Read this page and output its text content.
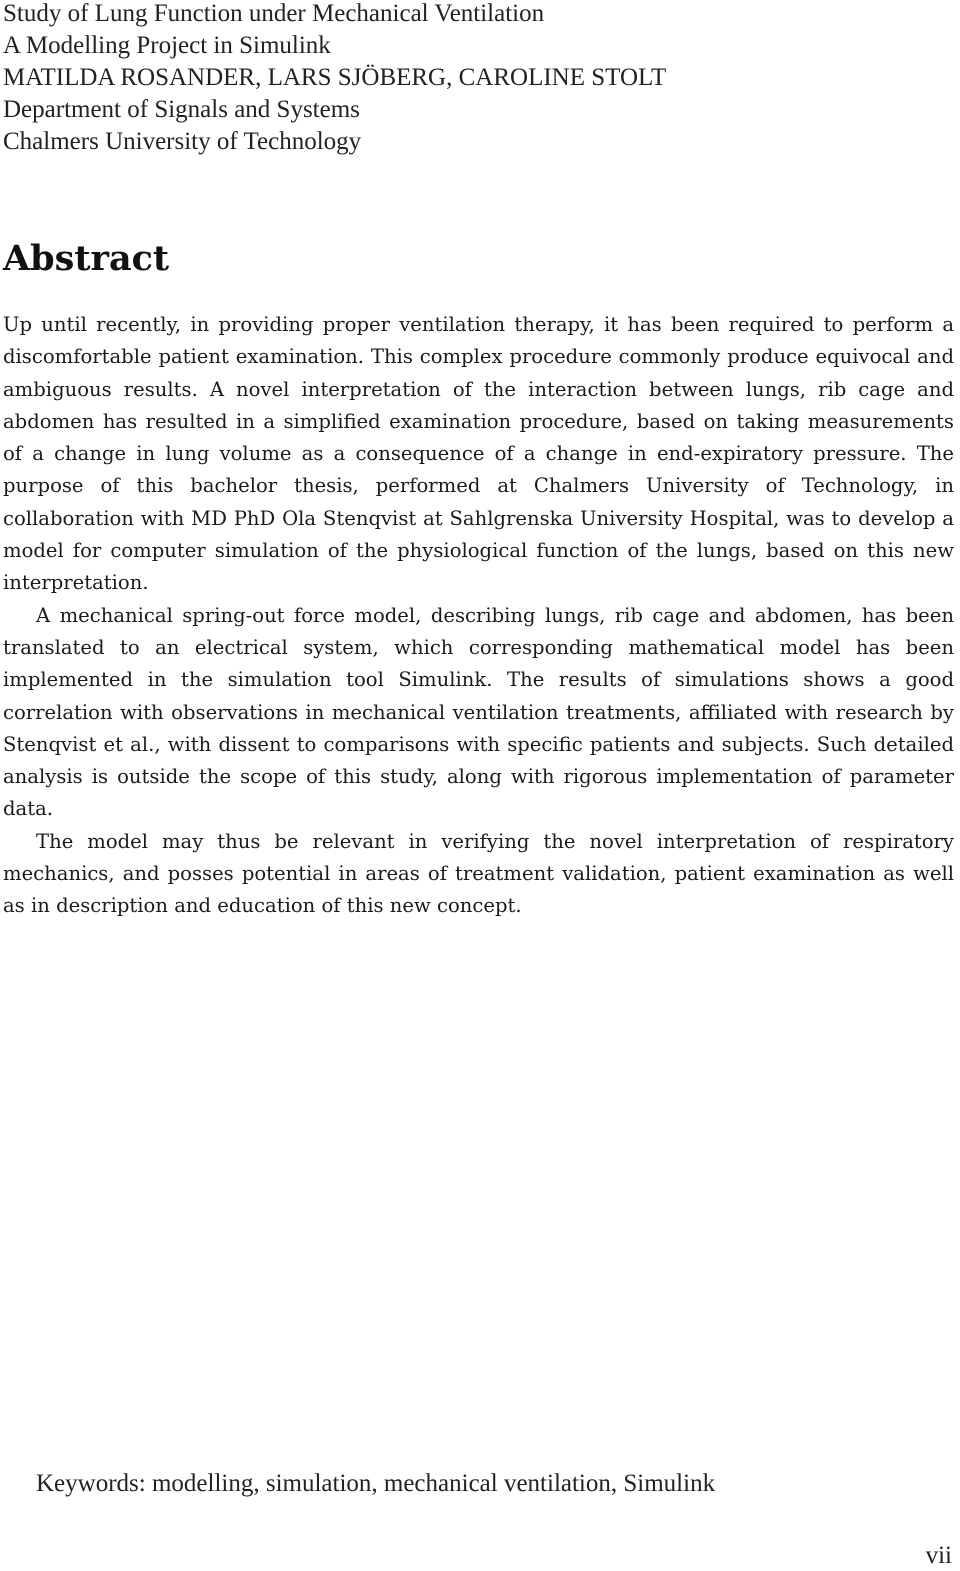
Study of Lung Function under Mechanical Ventilation
A Modelling Project in Simulink
MATILDA ROSANDER, LARS SJÖBERG, CAROLINE STOLT
Department of Signals and Systems
Chalmers University of Technology
Abstract

Up until recently, in providing proper ventilation therapy, it has been required to perform a discomfortable patient examination. This complex procedure commonly produce equivocal and ambiguous results. A novel interpretation of the interaction between lungs, rib cage and abdomen has resulted in a simplified examination procedure, based on taking measurements of a change in lung volume as a consequence of a change in end-expiratory pressure. The purpose of this bachelor thesis, performed at Chalmers University of Technology, in collaboration with MD PhD Ola Stenqvist at Sahlgrenska University Hospital, was to develop a model for computer simulation of the physiological function of the lungs, based on this new interpretation.

A mechanical spring-out force model, describing lungs, rib cage and abdomen, has been translated to an electrical system, which corresponding mathematical model has been implemented in the simulation tool Simulink. The results of simulations shows a good correlation with observations in mechanical ventilation treatments, affiliated with research by Stenqvist et al., with dissent to comparisons with specific patients and subjects. Such detailed analysis is outside the scope of this study, along with rigorous implementation of parameter data.

The model may thus be relevant in verifying the novel interpretation of respiratory mechanics, and posses potential in areas of treatment validation, patient examination as well as in description and education of this new concept.

Keywords: modelling, simulation, mechanical ventilation, Simulink
vii
